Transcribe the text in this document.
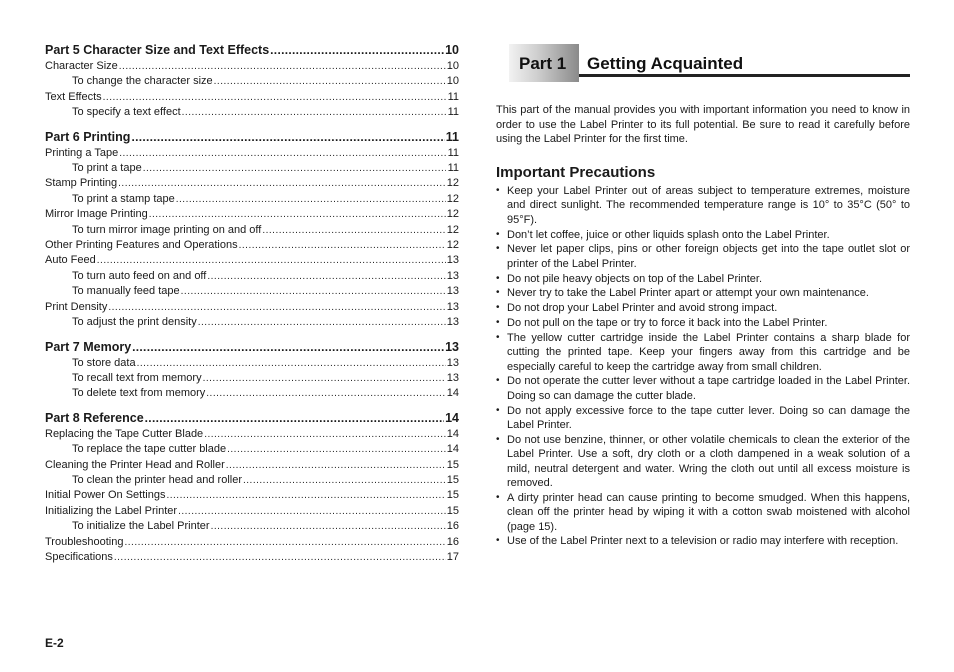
Part 5 Character Size and Text Effects .....	10
Character Size .....	10
To change the character size .....	10
Text Effects .....	11
To specify a text effect .....	11
Part 6 Printing .....	11
Printing a Tape .....	11
To print a tape .....	11
Stamp Printing .....	12
To print a stamp tape .....	12
Mirror Image Printing .....	12
To turn mirror image printing on and off .....	12
Other Printing Features and Operations .....	12
Auto Feed .....	13
To turn auto feed on and off .....	13
To manually feed tape .....	13
Print Density .....	13
To adjust the print density .....	13
Part 7 Memory .....	13
To store data .....	13
To recall text from memory .....	13
To delete text from memory .....	14
Part 8 Reference .....	14
Replacing the Tape Cutter Blade .....	14
To replace the tape cutter blade .....	14
Cleaning the Printer Head and Roller .....	15
To clean the printer head and roller .....	15
Initial Power On Settings .....	15
Initializing the Label Printer .....	15
To initialize the Label Printer .....	16
Troubleshooting .....	16
Specifications .....	17
E-2
Part 1 Getting Acquainted

This part of the manual provides you with important information you need to know in order to use the Label Printer to its full potential. Be sure to read it carefully before using the Label Printer for the first time.

Important Precautions
• Keep your Label Printer out of areas subject to temperature extremes, moisture and direct sunlight. The recommended temperature range is 10° to 35°C (50° to 95°F).
• Don’t let coffee, juice or other liquids splash onto the Label Printer.
• Never let paper clips, pins or other foreign objects get into the tape outlet slot or printer of the Label Printer.
• Do not pile heavy objects on top of the Label Printer.
• Never try to take the Label Printer apart or attempt your own maintenance.
• Do not drop your Label Printer and avoid strong impact.
• Do not pull on the tape or try to force it back into the Label Printer.
• The yellow cutter cartridge inside the Label Printer contains a sharp blade for cutting the printed tape. Keep your fingers away from this cartridge and be especially careful to keep the cartridge away from small children.
• Do not operate the cutter lever without a tape cartridge loaded in the Label Printer. Doing so can damage the cutter blade.
• Do not apply excessive force to the tape cutter lever. Doing so can damage the Label Printer.
• Do not use benzine, thinner, or other volatile chemicals to clean the exterior of the Label Printer. Use a soft, dry cloth or a cloth dampened in a weak solution of a mild, neutral detergent and water. Wring the cloth out until all excess moisture is removed.
• A dirty printer head can cause printing to become smudged. When this happens, clean off the printer head by wiping it with a cotton swab moistened with alcohol (page 15).
• Use of the Label Printer next to a television or radio may interfere with reception.
